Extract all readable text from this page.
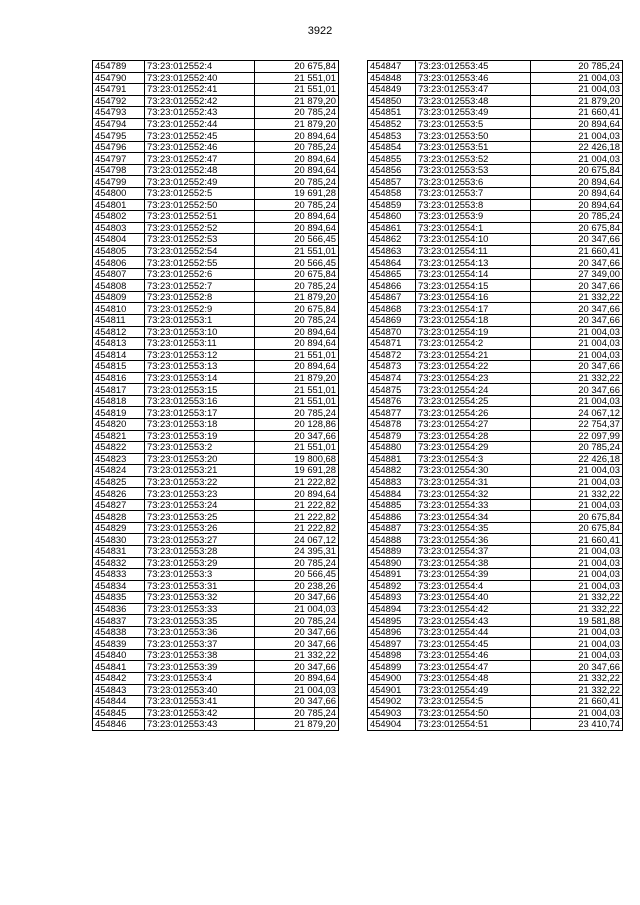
3922
454789	73:23:012552:4	20 675,84
454790	73:23:012552:40	21 551,01
454791	73:23:012552:41	21 551,01
454792	73:23:012552:42	21 879,20
454793	73:23:012552:43	20 785,24
454794	73:23:012552:44	21 879,20
454795	73:23:012552:45	20 894,64
454796	73:23:012552:46	20 785,24
454797	73:23:012552:47	20 894,64
454798	73:23:012552:48	20 894,64
454799	73:23:012552:49	20 785,24
454800	73:23:012552:5	19 691,28
454801	73:23:012552:50	20 785,24
454802	73:23:012552:51	20 894,64
454803	73:23:012552:52	20 894,64
454804	73:23:012552:53	20 566,45
454805	73:23:012552:54	21 551,01
454806	73:23:012552:55	20 566,45
454807	73:23:012552:6	20 675,84
454808	73:23:012552:7	20 785,24
454809	73:23:012552:8	21 879,20
454810	73:23:012552:9	20 675,84
454811	73:23:012553:1	20 785,24
454812	73:23:012553:10	20 894,64
454813	73:23:012553:11	20 894,64
454814	73:23:012553:12	21 551,01
454815	73:23:012553:13	20 894,64
454816	73:23:012553:14	21 879,20
454817	73:23:012553:15	21 551,01
454818	73:23:012553:16	21 551,01
454819	73:23:012553:17	20 785,24
454820	73:23:012553:18	20 128,86
454821	73:23:012553:19	20 347,66
454822	73:23:012553:2	21 551,01
454823	73:23:012553:20	19 800,68
454824	73:23:012553:21	19 691,28
454825	73:23:012553:22	21 222,82
454826	73:23:012553:23	20 894,64
454827	73:23:012553:24	21 222,82
454828	73:23:012553:25	21 222,82
454829	73:23:012553:26	21 222,82
454830	73:23:012553:27	24 067,12
454831	73:23:012553:28	24 395,31
454832	73:23:012553:29	20 785,24
454833	73:23:012553:3	20 566,45
454834	73:23:012553:31	20 238,26
454835	73:23:012553:32	20 347,66
454836	73:23:012553:33	21 004,03
454837	73:23:012553:35	20 785,24
454838	73:23:012553:36	20 347,66
454839	73:23:012553:37	20 347,66
454840	73:23:012553:38	21 332,22
454841	73:23:012553:39	20 347,66
454842	73:23:012553:4	20 894,64
454843	73:23:012553:40	21 004,03
454844	73:23:012553:41	20 347,66
454845	73:23:012553:42	20 785,24
454846	73:23:012553:43	21 879,20
454847	73:23:012553:45	20 785,24
454848	73:23:012553:46	21 004,03
454849	73:23:012553:47	21 004,03
454850	73:23:012553:48	21 879,20
454851	73:23:012553:49	21 660,41
454852	73:23:012553:5	20 894,64
454853	73:23:012553:50	21 004,03
454854	73:23:012553:51	22 426,18
454855	73:23:012553:52	21 004,03
454856	73:23:012553:53	20 675,84
454857	73:23:012553:6	20 894,64
454858	73:23:012553:7	20 894,64
454859	73:23:012553:8	20 894,64
454860	73:23:012553:9	20 785,24
454861	73:23:012554:1	20 675,84
454862	73:23:012554:10	20 347,66
454863	73:23:012554:11	21 660,41
454864	73:23:012554:13	20 347,66
454865	73:23:012554:14	27 349,00
454866	73:23:012554:15	20 347,66
454867	73:23:012554:16	21 332,22
454868	73:23:012554:17	20 347,66
454869	73:23:012554:18	20 347,66
454870	73:23:012554:19	21 004,03
454871	73:23:012554:2	21 004,03
454872	73:23:012554:21	21 004,03
454873	73:23:012554:22	20 347,66
454874	73:23:012554:23	21 332,22
454875	73:23:012554:24	20 347,66
454876	73:23:012554:25	21 004,03
454877	73:23:012554:26	24 067,12
454878	73:23:012554:27	22 754,37
454879	73:23:012554:28	22 097,99
454880	73:23:012554:29	20 785,24
454881	73:23:012554:3	22 426,18
454882	73:23:012554:30	21 004,03
454883	73:23:012554:31	21 004,03
454884	73:23:012554:32	21 332,22
454885	73:23:012554:33	21 004,03
454886	73:23:012554:34	20 675,84
454887	73:23:012554:35	20 675,84
454888	73:23:012554:36	21 660,41
454889	73:23:012554:37	21 004,03
454890	73:23:012554:38	21 004,03
454891	73:23:012554:39	21 004,03
454892	73:23:012554:4	21 004,03
454893	73:23:012554:40	21 332,22
454894	73:23:012554:42	21 332,22
454895	73:23:012554:43	19 581,88
454896	73:23:012554:44	21 004,03
454897	73:23:012554:45	21 004,03
454898	73:23:012554:46	21 004,03
454899	73:23:012554:47	20 347,66
454900	73:23:012554:48	21 332,22
454901	73:23:012554:49	21 332,22
454902	73:23:012554:5	21 660,41
454903	73:23:012554:50	21 004,03
454904	73:23:012554:51	23 410,74
